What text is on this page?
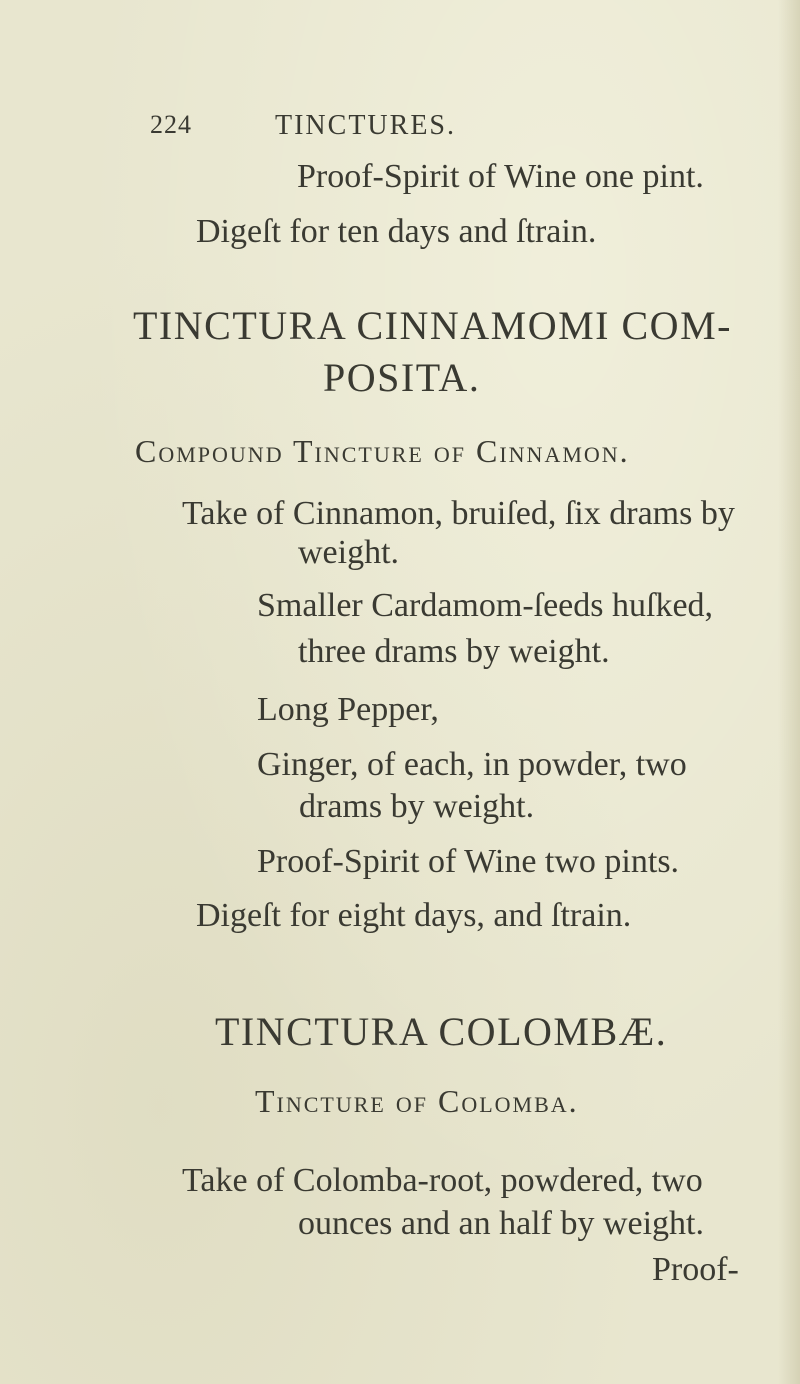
224	TINCTURES.
Proof-Spirit of Wine one pint.
Digeſt for ten days and ſtrain.
TINCTURA CINNAMOMI COM-
POSITA.
Compound Tincture of Cinnamon.
Take of Cinnamon, bruiſed, ſix drams by
weight.
Smaller Cardamom-ſeeds huſked,
three drams by weight.
Long Pepper,
Ginger, of each, in powder, two
drams by weight.
Proof-Spirit of Wine two pints.
Digeſt for eight days, and ſtrain.
TINCTURA COLOMBÆ.
Tincture of Colomba.
Take of Colomba-root, powdered, two
ounces and an half by weight.
Proof-
